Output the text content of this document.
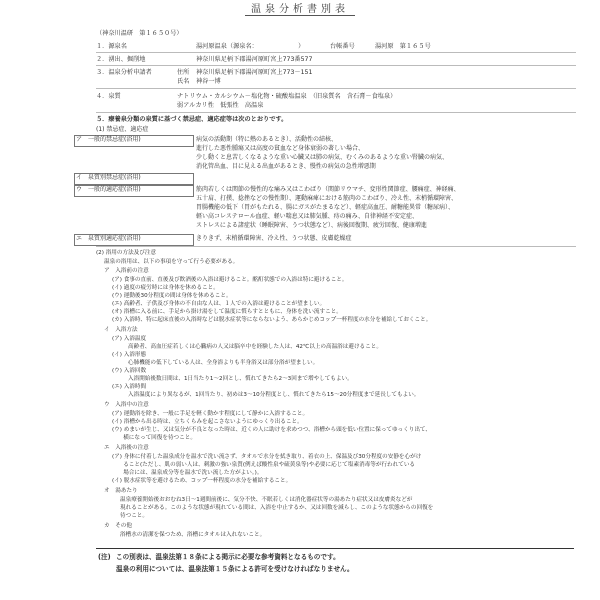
温泉分析書別表
（神奈川温研　第１６５０号）
１．源泉名	湯河原温泉（源泉名：　　　　　　　）	台帳番号	湯河原　第１６５号
２．湧出、掘削地	神奈川県足柄下郡湯河原町宮上773番577
３．温泉分析申請者	住所 神奈川県足柄下郡湯河原町宮上773－151
氏名 神谷一博
４．泉質	ナトリウム・カルシウム－塩化物・硫酸塩温泉　（旧泉質名　含石膏－食塩泉）
弱アルカリ性　低張性　高温泉
５．療養泉分類の泉質に基づく禁忌症、適応症等は次のとおりです。
(1) 禁忌症、適応症
ア　一般的禁忌症(浴用)	病気の活動期（特に熱のあるとき）、活動性の結核、
進行した悪性腫瘍又は高度の貧血など身体衰弱の著しい場合、
少し動くと息苦しくなるような重い心臓又は肺の病気、むくみのあるような重い腎臓の病気、
消化管出血、目に見える出血があるとき、慢性の病気の急性増悪期
イ　泉質別禁忌症(浴用)
ウ　一般的適応症(浴用)	筋肉若しくは関節の慢性的な痛み又はこわばり（関節リウマチ、変形性関節症、腰痛症、神経痛、
五十肩、打撲、捻挫などの慢性期）、運動麻痺における筋肉のこわばり、冷え性、末梢循環障害、
胃腸機能の低下（胃がもたれる、腸にガスがたまるなど）、軽症高血圧、耐糖能異常（糖尿病）、
軽い高コレステロール血症、軽い喘息又は肺気腫、痔の痛み、自律神経不安定症、
ストレスによる諸症状（睡眠障害、うつ状態など）、病後回復期、疲労回復、健康増進
エ　泉質別適応症(浴用)	きりきず、末梢循環障害、冷え性、うつ状態、皮膚乾燥症
(2) 浴用の方法及び注意
温泉の浴用は、以下の事項を守って行う必要がある。
ア　入浴前の注意
(ア) 食事の直前、直後及び飲酒後の入浴は避けること。酩酊状態での入浴は特に避けること。
(イ) 過度の疲労時には身体を休めること。
(ウ) 運動後30分程度の間は身体を休めること。
(エ) 高齢者、子供及び身体の不自由な人は、１人での入浴は避けることが望ましい。
(オ) 浴槽に入る前に、手足から掛け湯をして温度に慣らすとともに、身体を洗い流すこと。
(カ) 入浴時、特に起床直後の入浴時などは脱水症状等にならないよう、あらかじめコップ一杯程度の水分を補給しておくこと。
イ　入浴方法
(ア) 入浴温度
高齢者、高血圧症若しくは心臓病の人又は脳卒中を経験した人は、42℃以上の高温浴は避けること。
(イ) 入浴形態
心肺機能の低下している人は、全身浴よりも半身浴又は部分浴が望ましい。
(ウ) 入浴回数
入浴開始後数日間は、1日当たり1～2回とし、慣れてきたら2～3回まで増やしてもよい。
(エ) 入浴時間
入浴温度により異なるが、1回当たり、初めは3～10分程度とし、慣れてきたら15～20分程度まで延長してもよい。
ウ　入浴中の注意
(ア) 運動浴を除き、一般に手足を軽く動かす程度にして静かに入浴すること。
(イ) 浴槽から出る時は、立ちくらみを起こさないようにゆっくり出ること。
(ウ) めまいが生じ、又は気分が不良となった時は、近くの人に助けを求めつつ、浴槽から頭を低い位置に保ってゆっくり出て、
　　横になって回復を待つこと。
エ　入浴後の注意
(ア) 身体に付着した温泉成分を温水で洗い流さず、タオルで水分を拭き取り、着衣の上、保温及び30分程度の安静を心がけ
　　ること(ただし、肌の弱い人は、刺激の強い泉質(例えば酸性泉や硫黄泉等)や必要に応じて塩素消毒等が行われている
　　場合には、温泉成分等を温水で洗い流した方がよい。)。
(イ) 脱水症状等を避けるため、コップ一杯程度の水分を補給すること。
オ　湯あたり
温泉療養開始後おおむね3日～1週間前後に、気分不快、不眠若しくは消化器症状等の湯あたり症状又は皮膚炎などが
現れることがある。このような状態が現れている間は、入浴を中止するか、又は回数を減らし、このような状態からの回復を
待つこと。
カ　その他
浴槽水の清潔を保つため、浴槽にタオルは入れないこと。
(注) この別表は、温泉法第１８条による掲示に必要な参考資料となるものです。
温泉の利用については、温泉法第１５条による許可を受けなければなりません。
